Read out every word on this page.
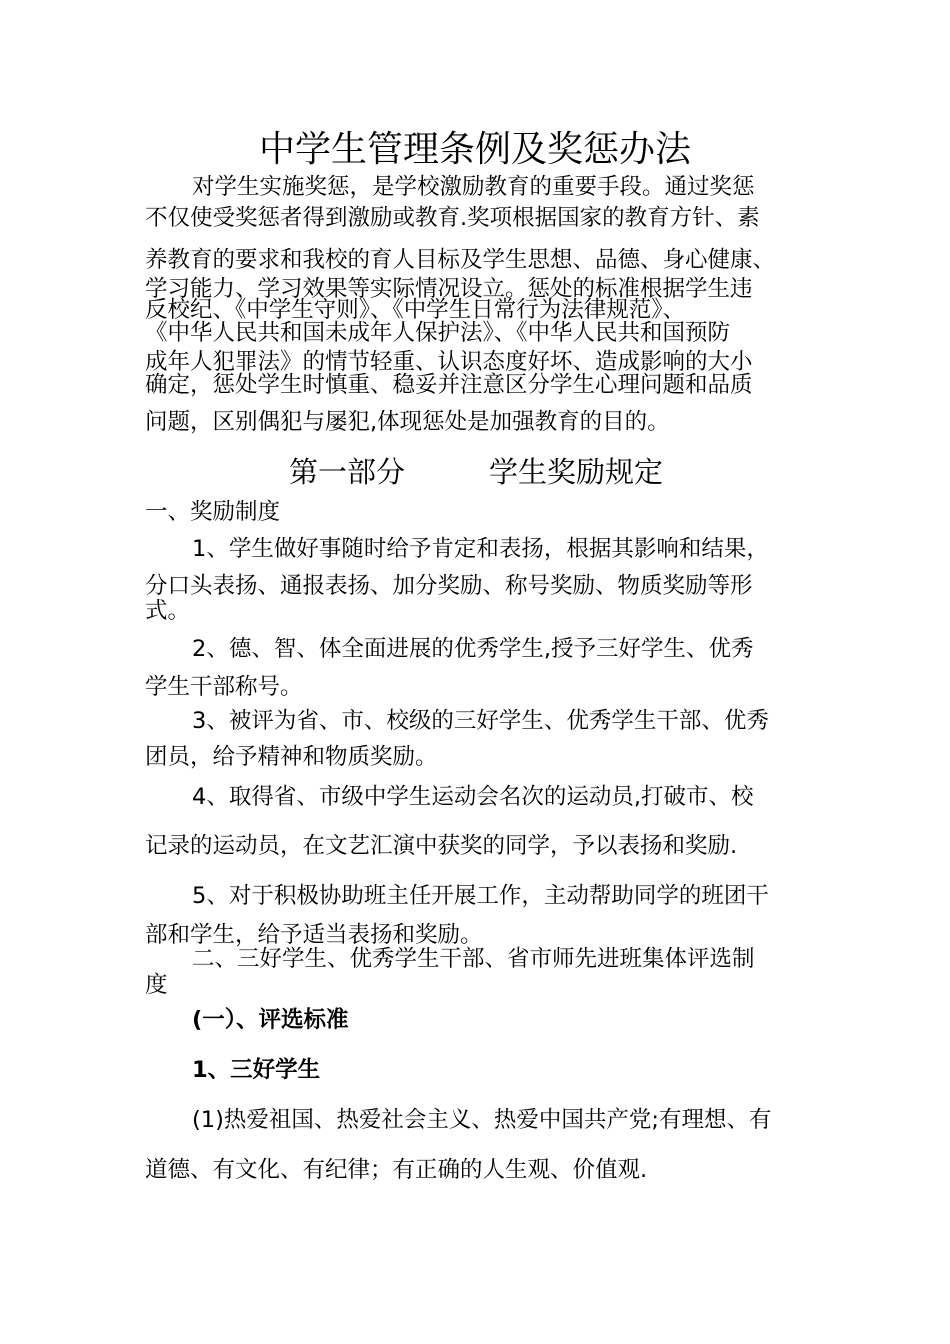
中学生管理条例及奖惩办法
对学生实施奖惩，是学校激励教育的重要手段。通过奖惩
不仅使受奖惩者得到激励或教育.奖项根据国家的教育方针、素
养教育的要求和我校的育人目标及学生思想、品德、身心健康、
学习能力、学习效果等实际情况设立。惩处的标准根据学生违
反校纪、《中学生守则》、《中学生日常行为法律规范》、
《中华人民共和国未成年人保护法》、《中华人民共和国预防
成年人犯罪法》的情节轻重、认识态度好坏、造成影响的大小
确定，惩处学生时慎重、稳妥并注意区分学生心理问题和品质
问题，区别偶犯与屡犯,体现惩处是加强教育的目的。
第一部分	学生奖励规定
一、奖励制度
1、学生做好事随时给予肯定和表扬，根据其影响和结果，
分口头表扬、通报表扬、加分奖励、称号奖励、物质奖励等形
式。
2、德、智、体全面进展的优秀学生,授予三好学生、优秀
学生干部称号。
3、被评为省、市、校级的三好学生、优秀学生干部、优秀
团员，给予精神和物质奖励。
4、取得省、市级中学生运动会名次的运动员,打破市、校
记录的运动员，在文艺汇演中获奖的同学，予以表扬和奖励.
5、对于积极协助班主任开展工作，主动帮助同学的班团干
部和学生，给予适当表扬和奖励。
二、三好学生、优秀学生干部、省市师先进班集体评选制
度
(一）、评选标准
1、三好学生
(1)热爱祖国、热爱社会主义、热爱中国共产党;有理想、有
道德、有文化、有纪律；有正确的人生观、价值观.
